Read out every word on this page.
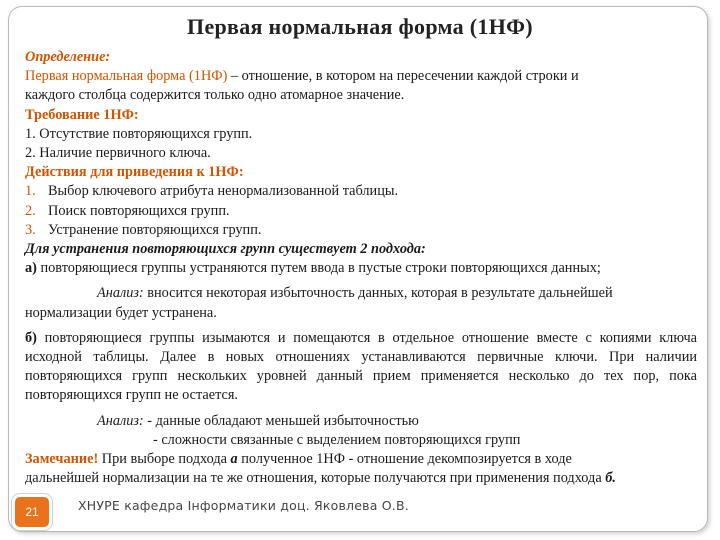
Первая нормальная форма (1НФ)
Определение:
Первая нормальная форма (1НФ) – отношение, в котором на пересечении каждой строки и
каждого столбца содержится только одно атомарное значение.
Требование 1НФ:
1. Отсутствие повторяющихся групп.
2. Наличие первичного ключа.
Действия для приведения к 1НФ:
1. Выбор ключевого атрибута ненормализованной таблицы.
2. Поиск повторяющихся групп.
3. Устранение повторяющихся групп.
Для устранения повторяющихся групп существует 2 подхода:
а) повторяющиеся группы устраняются путем ввода в пустые строки повторяющихся данных;
Анализ: вносится некоторая избыточность данных, которая в результате дальнейшей
нормализации будет устранена.
б) повторяющиеся группы изымаются и помещаются в отдельное отношение вместе с копиями ключа исходной таблицы. Далее в новых отношениях устанавливаются первичные ключи. При наличии повторяющихся групп нескольких уровней данный прием применяется несколько до тех пор, пока повторяющихся групп не остается.
Анализ: - данные обладают меньшей избыточностью
- сложности связанные с выделением повторяющихся групп
Замечание! При выборе подхода а полученное 1НФ - отношение декомпозируется в ходе
дальнейшей нормализации на те же отношения, которые получаются при применения подхода б.
21	ХНУРЕ кафедра Інформатики доц. Яковлева О.В.
